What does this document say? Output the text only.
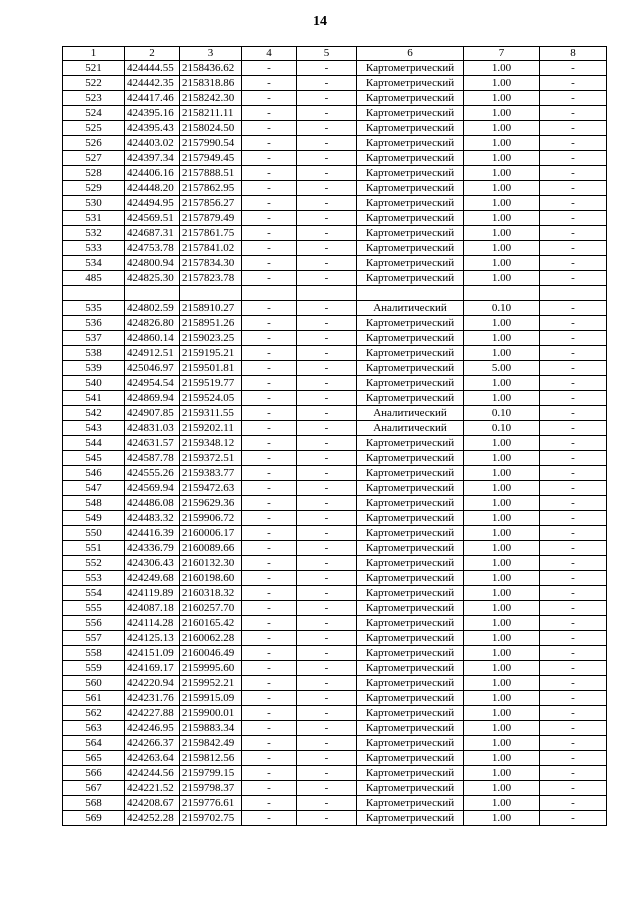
14
1	2	3	4	5	6	7	8
521	424444.55	2158436.62	-	-	Картометрический	1.00	-
522	424442.35	2158318.86	-	-	Картометрический	1.00	-
523	424417.46	2158242.30	-	-	Картометрический	1.00	-
524	424395.16	2158211.11	-	-	Картометрический	1.00	-
525	424395.43	2158024.50	-	-	Картометрический	1.00	-
526	424403.02	2157990.54	-	-	Картометрический	1.00	-
527	424397.34	2157949.45	-	-	Картометрический	1.00	-
528	424406.16	2157888.51	-	-	Картометрический	1.00	-
529	424448.20	2157862.95	-	-	Картометрический	1.00	-
530	424494.95	2157856.27	-	-	Картометрический	1.00	-
531	424569.51	2157879.49	-	-	Картометрический	1.00	-
532	424687.31	2157861.75	-	-	Картометрический	1.00	-
533	424753.78	2157841.02	-	-	Картометрический	1.00	-
534	424800.94	2157834.30	-	-	Картометрический	1.00	-
485	424825.30	2157823.78	-	-	Картометрический	1.00	-

535	424802.59	2158910.27	-	-	Аналитический	0.10	-
536	424826.80	2158951.26	-	-	Картометрический	1.00	-
537	424860.14	2159023.25	-	-	Картометрический	1.00	-
538	424912.51	2159195.21	-	-	Картометрический	1.00	-
539	425046.97	2159501.81	-	-	Картометрический	5.00	-
540	424954.54	2159519.77	-	-	Картометрический	1.00	-
541	424869.94	2159524.05	-	-	Картометрический	1.00	-
542	424907.85	2159311.55	-	-	Аналитический	0.10	-
543	424831.03	2159202.11	-	-	Аналитический	0.10	-
544	424631.57	2159348.12	-	-	Картометрический	1.00	-
545	424587.78	2159372.51	-	-	Картометрический	1.00	-
546	424555.26	2159383.77	-	-	Картометрический	1.00	-
547	424569.94	2159472.63	-	-	Картометрический	1.00	-
548	424486.08	2159629.36	-	-	Картометрический	1.00	-
549	424483.32	2159906.72	-	-	Картометрический	1.00	-
550	424416.39	2160006.17	-	-	Картометрический	1.00	-
551	424336.79	2160089.66	-	-	Картометрический	1.00	-
552	424306.43	2160132.30	-	-	Картометрический	1.00	-
553	424249.68	2160198.60	-	-	Картометрический	1.00	-
554	424119.89	2160318.32	-	-	Картометрический	1.00	-
555	424087.18	2160257.70	-	-	Картометрический	1.00	-
556	424114.28	2160165.42	-	-	Картометрический	1.00	-
557	424125.13	2160062.28	-	-	Картометрический	1.00	-
558	424151.09	2160046.49	-	-	Картометрический	1.00	-
559	424169.17	2159995.60	-	-	Картометрический	1.00	-
560	424220.94	2159952.21	-	-	Картометрический	1.00	-
561	424231.76	2159915.09	-	-	Картометрический	1.00	-
562	424227.88	2159900.01	-	-	Картометрический	1.00	-
563	424246.95	2159883.34	-	-	Картометрический	1.00	-
564	424266.37	2159842.49	-	-	Картометрический	1.00	-
565	424263.64	2159812.56	-	-	Картометрический	1.00	-
566	424244.56	2159799.15	-	-	Картометрический	1.00	-
567	424221.52	2159798.37	-	-	Картометрический	1.00	-
568	424208.67	2159776.61	-	-	Картометрический	1.00	-
569	424252.28	2159702.75	-	-	Картометрический	1.00	-
